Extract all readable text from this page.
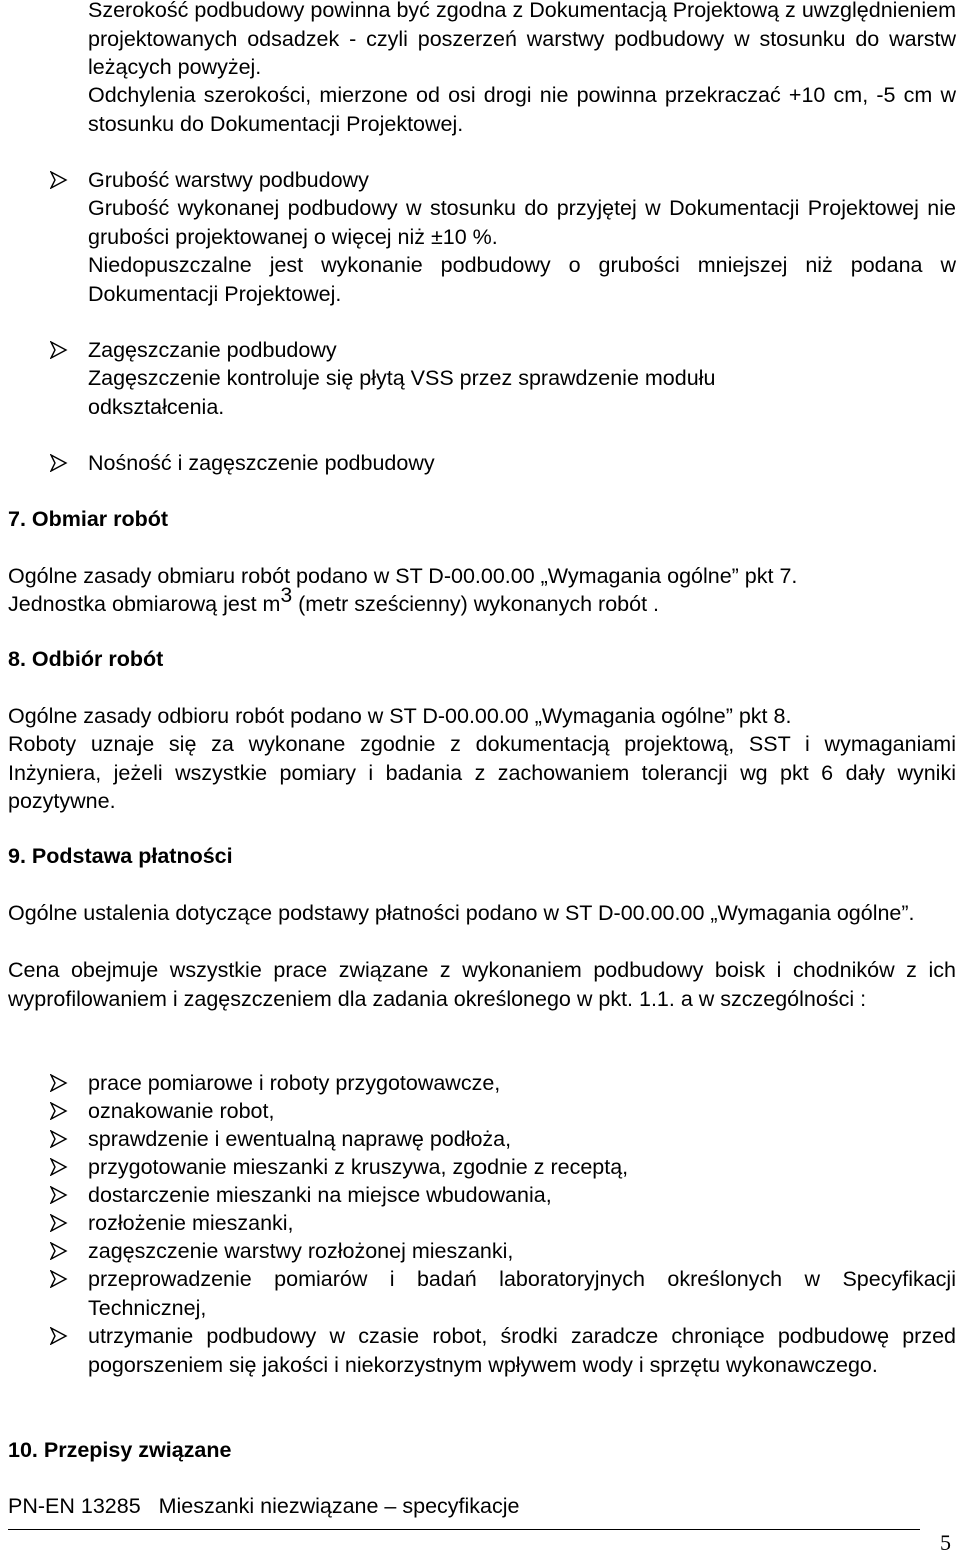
Szerokość podbudowy powinna być zgodna z Dokumentacją Projektową z uwzględnieniem projektowanych odsadzek - czyli poszerzeń warstwy podbudowy w stosunku do warstw leżących powyżej.
Odchylenia szerokości, mierzone od osi drogi nie powinna przekraczać +10 cm, -5 cm w stosunku do Dokumentacji Projektowej.
Grubość warstwy podbudowy
Grubość wykonanej podbudowy w stosunku do przyjętej w Dokumentacji Projektowej nie grubości projektowanej o więcej niż ±10 %.
Niedopuszczalne jest wykonanie podbudowy o grubości mniejszej niż podana w Dokumentacji Projektowej.
Zagęszczanie podbudowy
Zagęszczenie kontroluje się płytą VSS przez sprawdzenie modułu odkształcenia.
Nośność i zagęszczenie podbudowy
7. Obmiar robót
Ogólne zasady obmiaru robót podano w ST D-00.00.00 „Wymagania ogólne” pkt 7.
Jednostka obmiarową jest m3 (metr sześcienny) wykonanych robót .
8. Odbiór robót
Ogólne zasady odbioru robót podano w ST D-00.00.00 „Wymagania ogólne” pkt 8.
Roboty uznaje się za wykonane zgodnie z dokumentacją projektową, SST i wymaganiami Inżyniera, jeżeli wszystkie pomiary i badania z zachowaniem tolerancji wg pkt 6 dały wyniki pozytywne.
9. Podstawa płatności
Ogólne ustalenia dotyczące podstawy płatności podano w ST D-00.00.00 „Wymagania ogólne”.
Cena obejmuje wszystkie prace związane z wykonaniem podbudowy boisk i chodników z ich wyprofilowaniem i zagęszczeniem dla zadania określonego w pkt. 1.1. a w szczególności :
prace pomiarowe i roboty przygotowawcze,
oznakowanie robot,
sprawdzenie i ewentualną naprawę podłoża,
przygotowanie mieszanki z kruszywa, zgodnie z receptą,
dostarczenie mieszanki na miejsce wbudowania,
rozłożenie mieszanki,
zagęszczenie warstwy rozłożonej mieszanki,
przeprowadzenie pomiarów i badań laboratoryjnych określonych w Specyfikacji Technicznej,
utrzymanie podbudowy w czasie robot, środki zaradcze chroniące podbudowę przed pogorszeniem się jakości i niekorzystnym wpływem wody i sprzętu wykonawczego.
10. Przepisy związane
PN-EN 13285   Mieszanki niezwiązane – specyfikacje
5
